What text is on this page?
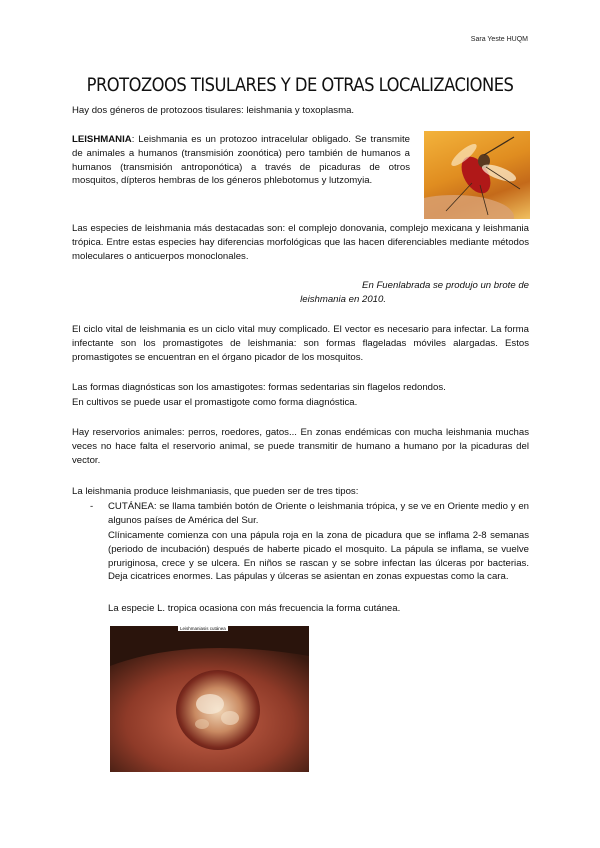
Sara Yeste HUQM
PROTOZOOS TISULARES Y DE OTRAS LOCALIZACIONES

Hay dos géneros de protozoos tisulares: leishmania y toxoplasma.

LEISHMANIA: Leishmania es un protozoo intracelular obligado. Se transmite de animales a humanos (transmisión zoonótica) pero también de humanos a humanos (transmisión antroponótica) a través de picaduras de otros mosquitos, dípteros hembras de los géneros phlebotomus y lutzomyia.

Las especies de leishmania más destacadas son: el complejo donovania, complejo mexicana y leishmania trópica. Entre estas especies hay diferencias morfológicas que las hacen diferenciables mediante métodos moleculares o anticuerpos monoclonales.

En Fuenlabrada se produjo un brote de
leishmania en 2010.

El ciclo vital de leishmania es un ciclo vital muy complicado. El vector es necesario para infectar. La forma infectante son los promastigotes de leishmania: son formas flageladas móviles alargadas. Estos promastigotes se encuentran en el órgano picador de los mosquitos.

Las formas diagnósticas son los amastigotes: formas sedentarias sin flagelos redondos.

En cultivos se puede usar el promastigote como forma diagnóstica.

Hay reservorios animales: perros, roedores, gatos... En zonas endémicas con mucha leishmania muchas veces no hace falta el reservorio animal, se puede transmitir de humano a humano por la picaduras del vector.

La leishmania produce leishmaniasis, que pueden ser de tres tipos:

- CUTÁNEA: se llama también botón de Oriente o leishmania trópica, y se ve en Oriente medio y en algunos países de América del Sur.
Clínicamente comienza con una pápula roja en la zona de picadura que se inflama 2-8 semanas (periodo de incubación) después de haberte picado el mosquito. La pápula se inflama, se vuelve pruriginosa, crece y se ulcera. En niños se rascan y se sobre infectan las úlceras por bacterias. Deja cicatrices enormes. Las pápulas y úlceras se asientan en zonas expuestas como la cara.
La especie L. tropica ocasiona con más frecuencia la forma cutánea.
Leishmaniasis cutánea
